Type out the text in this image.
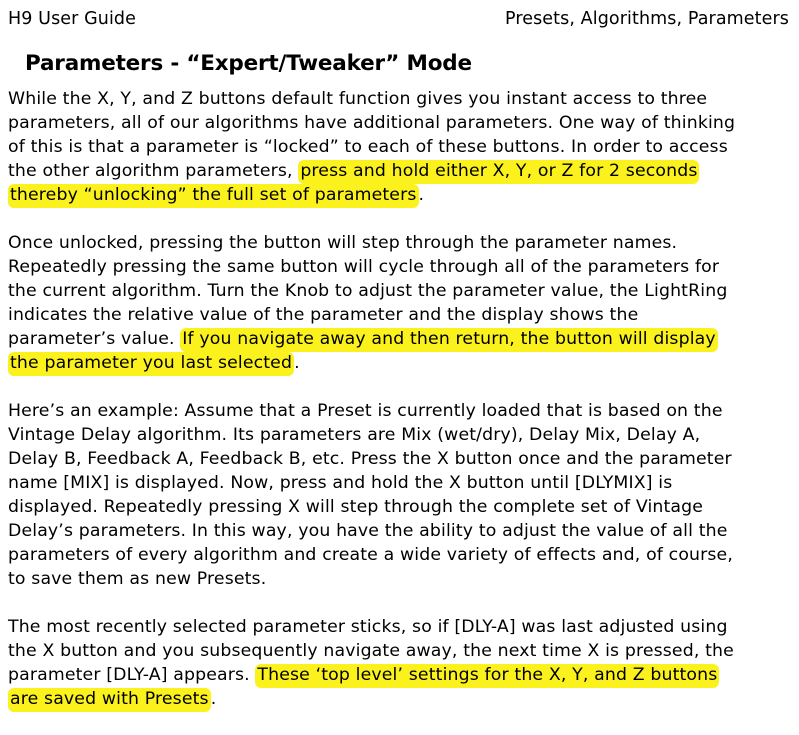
H9 User Guide	Presets, Algorithms, Parameters
Parameters - “Expert/Tweaker” Mode

While the X, Y, and Z buttons default function gives you instant access to three
parameters, all of our algorithms have additional parameters. One way of thinking
of this is that a parameter is “locked” to each of these buttons. In order to access
the other algorithm parameters, press and hold either X, Y, or Z for 2 seconds
thereby “unlocking” the full set of parameters .

Once unlocked, pressing the button will step through the parameter names.
Repeatedly pressing the same button will cycle through all of the parameters for
the current algorithm. Turn the Knob to adjust the parameter value, the LightRing
indicates the relative value of the parameter and the display shows the
parameter’s value. If you navigate away and then return, the button will display
the parameter you last selected .

Here’s an example: Assume that a Preset is currently loaded that is based on the
Vintage Delay algorithm. Its parameters are Mix (wet/dry), Delay Mix, Delay A,
Delay B, Feedback A, Feedback B, etc. Press the X button once and the parameter
name [MIX] is displayed. Now, press and hold the X button until [DLYMIX] is
displayed. Repeatedly pressing X will step through the complete set of Vintage
Delay’s parameters. In this way, you have the ability to adjust the value of all the
parameters of every algorithm and create a wide variety of effects and, of course,
to save them as new Presets.

The most recently selected parameter sticks, so if [DLY-A] was last adjusted using
the X button and you subsequently navigate away, the next time X is pressed, the
parameter [DLY-A] appears. These ‘top level’ settings for the X, Y, and Z buttons
are saved with Presets .
